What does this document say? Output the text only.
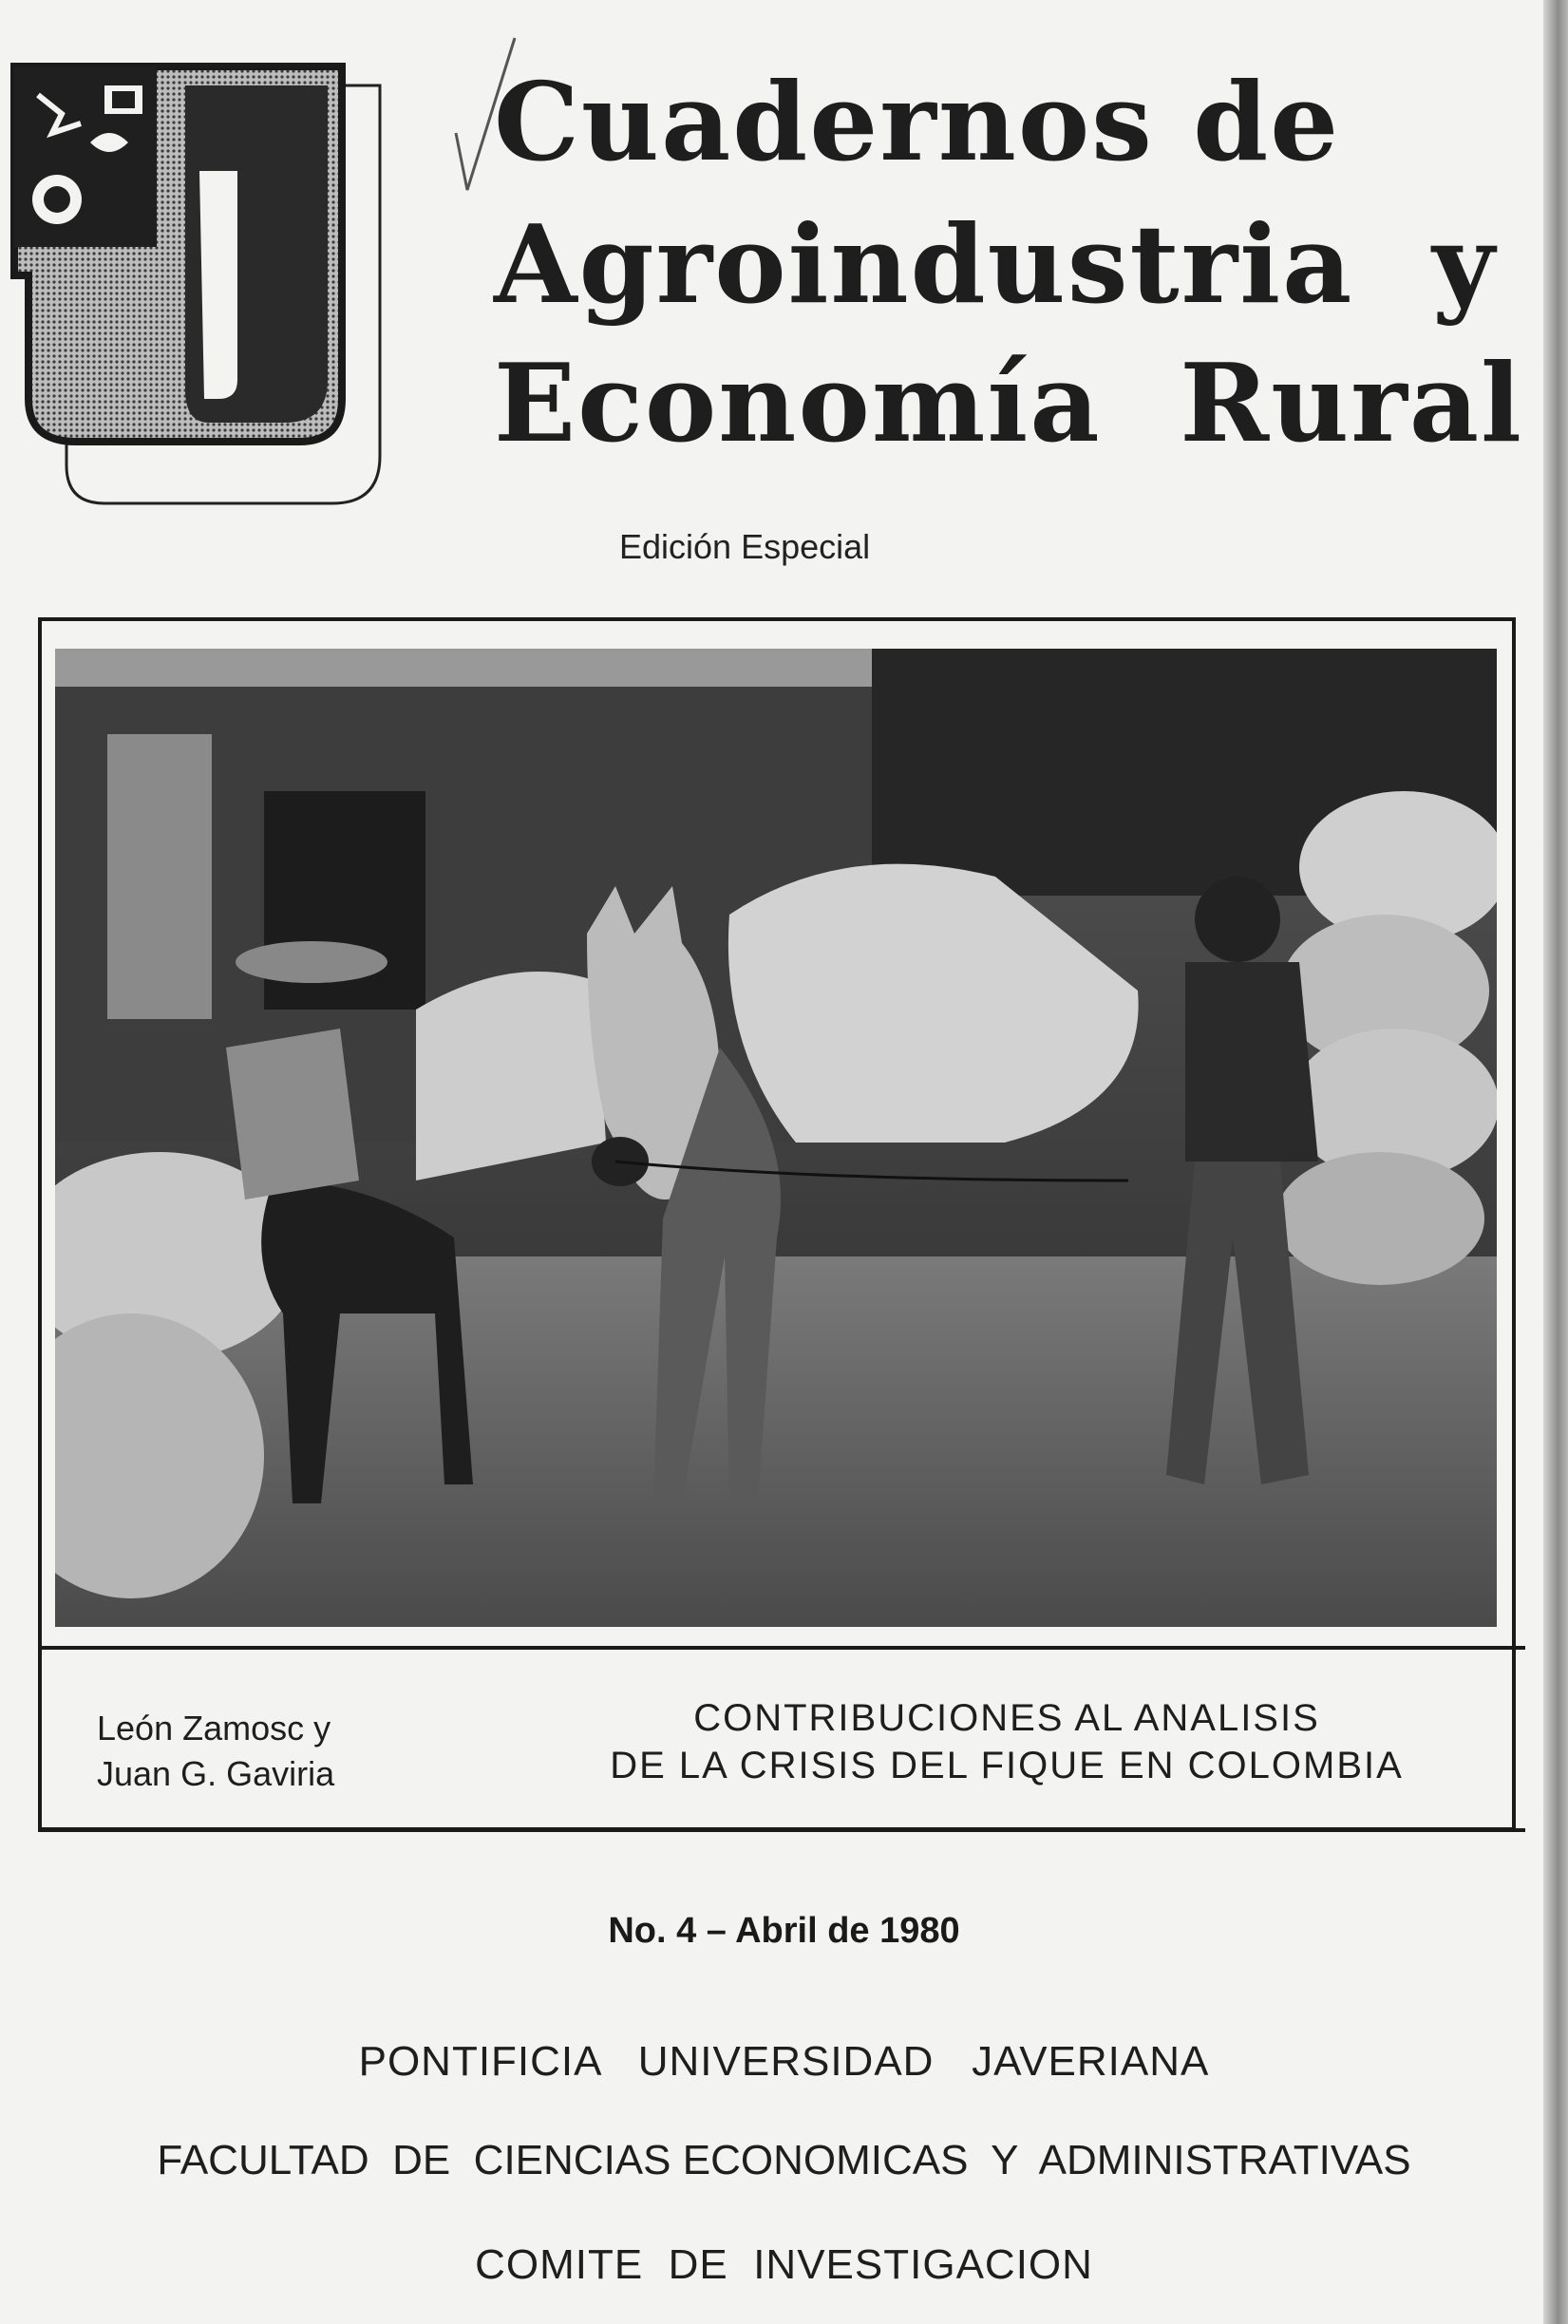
Cuadernos de
Agroindustria  y
Economía  Rural

Edición Especial

León Zamosc y
Juan G. Gaviria

CONTRIBUCIONES AL ANALISIS
DE LA CRISIS DEL FIQUE EN COLOMBIA

No. 4 – Abril de 1980

PONTIFICIA   UNIVERSIDAD   JAVERIANA

FACULTAD  DE  CIENCIAS ECONOMICAS  Y  ADMINISTRATIVAS

COMITE  DE  INVESTIGACION
